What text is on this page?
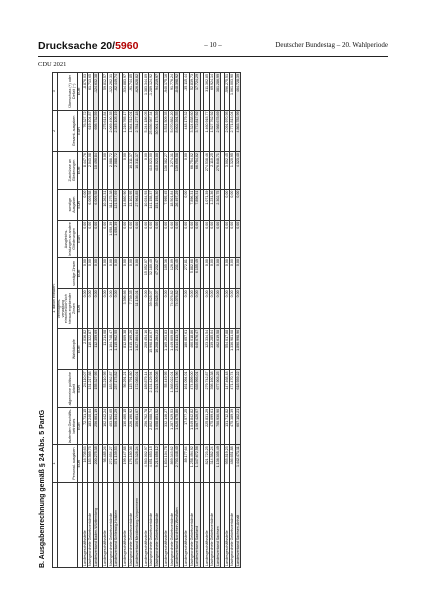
Drucksache 20/5960	– 10 –	Deutscher Bundestag – 20. Wahlperiode
CDU 2021
B. Ausgabenrechnung gemäß § 24 Abs. 5 PartG
	1	1. davon entfallen:								2	3
	Personal- ausgaben	laufenden Geschäfts- betriebes	allgemeine politische Arbeit	Wahlkämpfe	Vermögens- verwaltung einschließlich sich hieraus ergebender Zinsen	sonstige Zinsen	Ausgleichs- leistungen an andere Gliederungen	sonstige Ausgaben	Zuschüsse an Gliederungen	Gesamt- ausgaben	Überschuss (+) oder Defizit (−)
	EUR	EUR	EUR	EUR	EUR	EUR	EUR	EUR	EUR	EUR	EUR
Landesgeschäftsstelle	16.705,63	72.731,15	24.110,07	2.036,82	0,00	0,00	0,00	0,00	8.447,76	76.327,72	-8.876,03
Nachgeordnete Gebietsverbände	183.569,75	183.240,04	131.217,88	110.322,87	0,00	0,00	0,00	6.009,58	2.043,08	619.404,87	61.713,65
Landesverband Baden-Württemberg	200.275,38	256.001,19	155.327,95	112.359,69	0,00	0,00	0,00	6.009,58	10.490,84	695.732,59	-124.632,38

Landesgeschäftsstelle	98.485,26	102.442,24	53.210,95	11.214,08	0,00	0,00	0,00	10.262,31	0,00	275.614,84	59.812,57
Nachgeordnete Gebietsverbände	272.654,27	403.902,05	183.962,87	1.104.748,47	0,00	0,00	1.058,39	111.275,38	2.088,72	2.069.490,35	-122.262,31
Landesverband Schleswig-Holstein	371.139,53	506.344,29	237.173,82	1.115.962,55	0,00	0,00	1.058,39	121.537,69	2.088,72	2.345.105,19	-62.449,74

Landesgeschäftsstelle	199.147,88	130.460,15	56.291,21	812.609,38	3.396,66	0,00	0,00	14.860,90	0,00	1.216.765,17	-534.883,97
Nachgeordnete Gebietsverbände	176.180,36	226.190,92	115.791,80	1.015.195,26	7.739,35	0,00	0,00	13.102,95	10.311,37	1.564.512,01	-91.744,85
Landesverband Mecklenburg-Vorpommern	375.328,24	356.651,07	172.083,01	1.827.804,64	11.136,01	0,00	0,00	27.963,85	10.311,37	2.781.277,18	-626.628,82

Landesgeschäftsstelle	4.563.002,97	256.762,78	189.879,14	209.454,16	0,00	15.052,07	0,00	10.034,93	0,00	5.244.186,05	1.383.344,89
Nachgeordnete Gebietsverbände	4.651.653,15	2.802.088,74	2.131.429,94	15.998.810,07	39.628,07	32.180,40	0,00	141.158,37	410.023,00	25.656.987,34	-1.289.124,92
Nachgeordnete Gebietsverbände	9.214.656,12	3.058.851,52	2.321.309,08	16.208.264,23	39.628,07	47.232,47	0,00	151.193,30	410.023,00	30.901.173,39	94.219,97

Landesgeschäftsstelle	1.834.104,78	332.146,27	55.449,95	1.165.203,83	0,00	105,36	0,00	7.995,45	136.382,27	3.531.509,35	-940.175,16
Nachgeordnete Gebietsverbände	869.343,62	1.287.929,53	1.368.022,01	1.449.609,88	74.076,82	126,09	0,00	18.501,84	3.274,31	5.070.882,20	91.776,24
Landesverband Nordrhein-Westfalen	2.703.448,40	1.620.075,80	1.423.471,96	2.614.813,71	74.076,82	231,45	0,00	26.497,29	139.656,58	8.602.391,55	-848.398,92

Landesgeschäftsstelle	89.177,64	17.577,25	161.094,01	180.057,61	0,00	272,81	0,00	0,00	0,00	448.179,32	-35.115,44
Nachgeordnete Gebietsverbände	1.258.494,92	1.049.842,82	474.899,00	460.018,86	0,00	5.882,68	0,00	7.896,31	66.754,02	3.324.638,60	52.839,73
Landesverband Saarland	1.347.672,56	1.067.420,07	635.993,01	640.076,47	0,00	6.155,49	0,00	7.896,31	66.754,02	3.772.817,92	17.724,29

Landesgeschäftsstelle	821.723,25	225.831,29	279.742,87	123.334,54	0,00	0,00	0,00	1.071,39	274.538,46	1.460.915,77	311.362,85
Nachgeordnete Gebietsverbände	314.582,24	475.099,61	398.160,38	339.285,04	0,00	0,00	0,00	1.231,36	2.110,25	1.527.762,92	69.924,14
Landesverband Sachsen	1.136.305,49	700.930,90	677.903,25	462.619,58	0,00	0,00	0,00	2.302,75	276.648,71	2.988.678,69	381.286,99

Landesgeschäftsstelle	955.819,23	131.712,82	147.468,48	554.017,88	0,00	0,00	0,00	0,00	3.002,45	2.091.970,95	-596.275,51
Nachgeordnete Gebietsverbände	486.651,88	475.389,39	471.470,74	1.336.981,08	0,00	0,00	0,00	0,00	1.320,95	2.771.813,04	1.061.003,90
Landesverband Sachsen-Anhalt	1.442.471,11	607.102,21	618.939,22	1.890.998,96	0,00	0,00	0,00	0,00	4.323,40	4.863.783,99	464.728,39
